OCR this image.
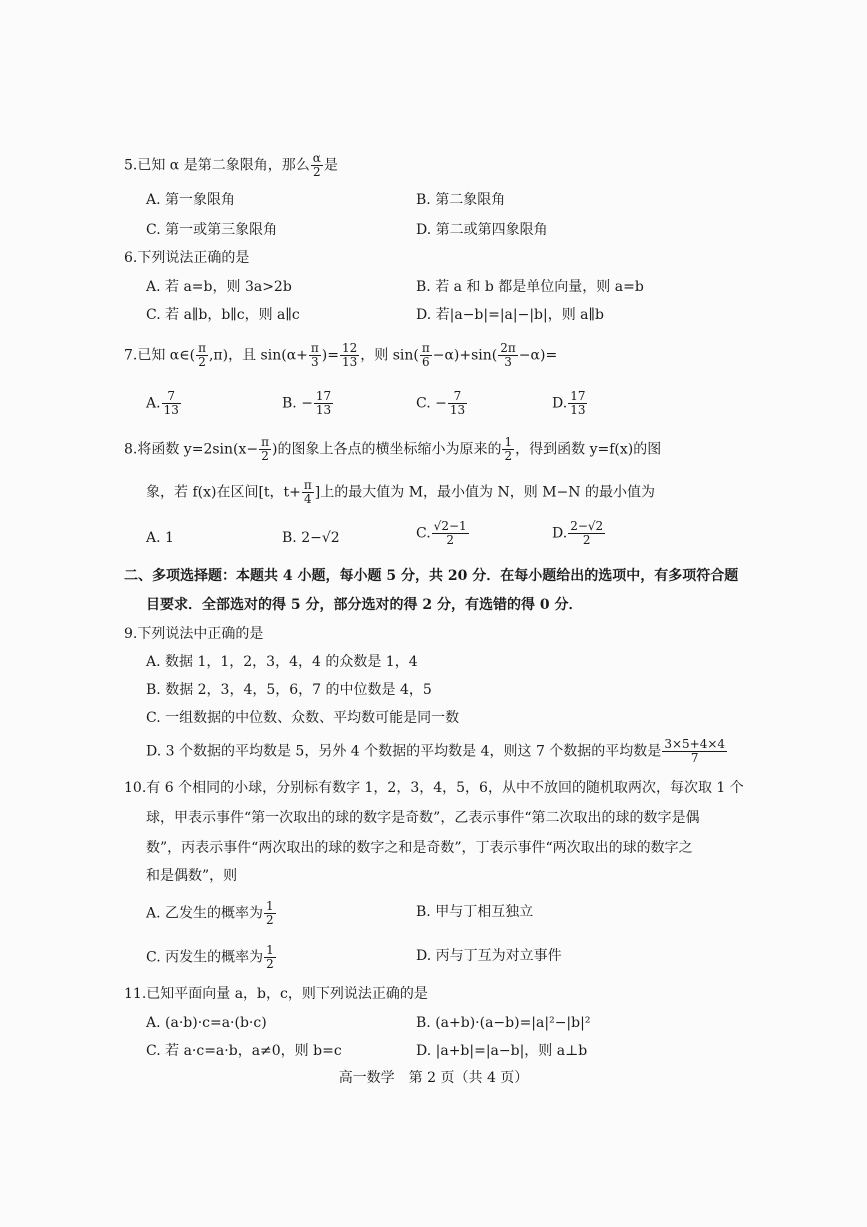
5.已知 α 是第二象限角，那么 $\frac{\alpha}{2}$ 是
A. 第一象限角	B. 第二象限角
C. 第一或第三象限角	D. 第二或第四象限角
6.下列说法正确的是
A. 若 a=b，则 3a>2b	B. 若 a 和 b 都是单位向量，则 a=b
C. 若 a∥b，b∥c，则 a∥c	D. 若|a−b|=|a|−|b|，则 a∥b
7.已知 α∈( $\frac{\pi}{2} ,\pi$)，且 $\sin(\alpha+ \frac{\pi}{3}$ )= $\frac{12}{13}$ ，则 $\sin( \frac{\pi}{6} -\alpha)+\sin( \frac{2\pi}{3} -\alpha)=$
A. $\frac{7}{13}$	B. − $\frac{17}{13}$	C. − $\frac{7}{13}$	D. $\frac{17}{13}$
8.将函数 $y=2\sin(x- \frac{\pi}{2}$ )的图象上各点的横坐标缩小为原来的 $\frac{1}{2}$ ，得到函数 y=f(x)的图
象，若 f(x)在区间[t，$t+ \frac{\pi}{4}$ ]上的最大值为 M，最小值为 N，则 M−N 的最小值为
A. 1	B. 2−√2	C. $\frac{√2-1}{2}$	D. $\frac{2-√2}{2}$
二、多项选择题：本题共 4 小题，每小题 5 分，共 20 分．在每小题给出的选项中，有多项符合题
目要求．全部选对的得 5 分，部分选对的得 2 分，有选错的得 0 分．
9.下列说法中正确的是
A. 数据 1，1，2，3，4，4 的众数是 1，4
B. 数据 2，3，4，5，6，7 的中位数是 4，5
C. 一组数据的中位数、众数、平均数可能是同一数
D. 3 个数据的平均数是 5，另外 4 个数据的平均数是 4，则这 7 个数据的平均数是 $\frac{3\times 5+4\times 4}{7}$
10.有 6 个相同的小球，分别标有数字 1，2，3，4，5，6，从中不放回的随机取两次，每次取 1 个
球，甲表示事件“第一次取出的球的数字是奇数”，乙表示事件“第二次取出的球的数字是偶
数”，丙表示事件“两次取出的球的数字之和是奇数”，丁表示事件“两次取出的球的数字之
和是偶数”，则
A. 乙发生的概率为 $\frac{1}{2}$	B. 甲与丁相互独立
C. 丙发生的概率为 $\frac{1}{2}$	D. 丙与丁互为对立事件
11.已知平面向量 a，b，c，则下列说法正确的是
A. (a·b)·c=a·(b·c)	B. (a+b)·(a−b)=|a|²−|b|²
C. 若 a·c=a·b，a≠0，则 b=c	D. |a+b|=|a−b|，则 a⊥b
高一数学　第 2 页（共 4 页）
